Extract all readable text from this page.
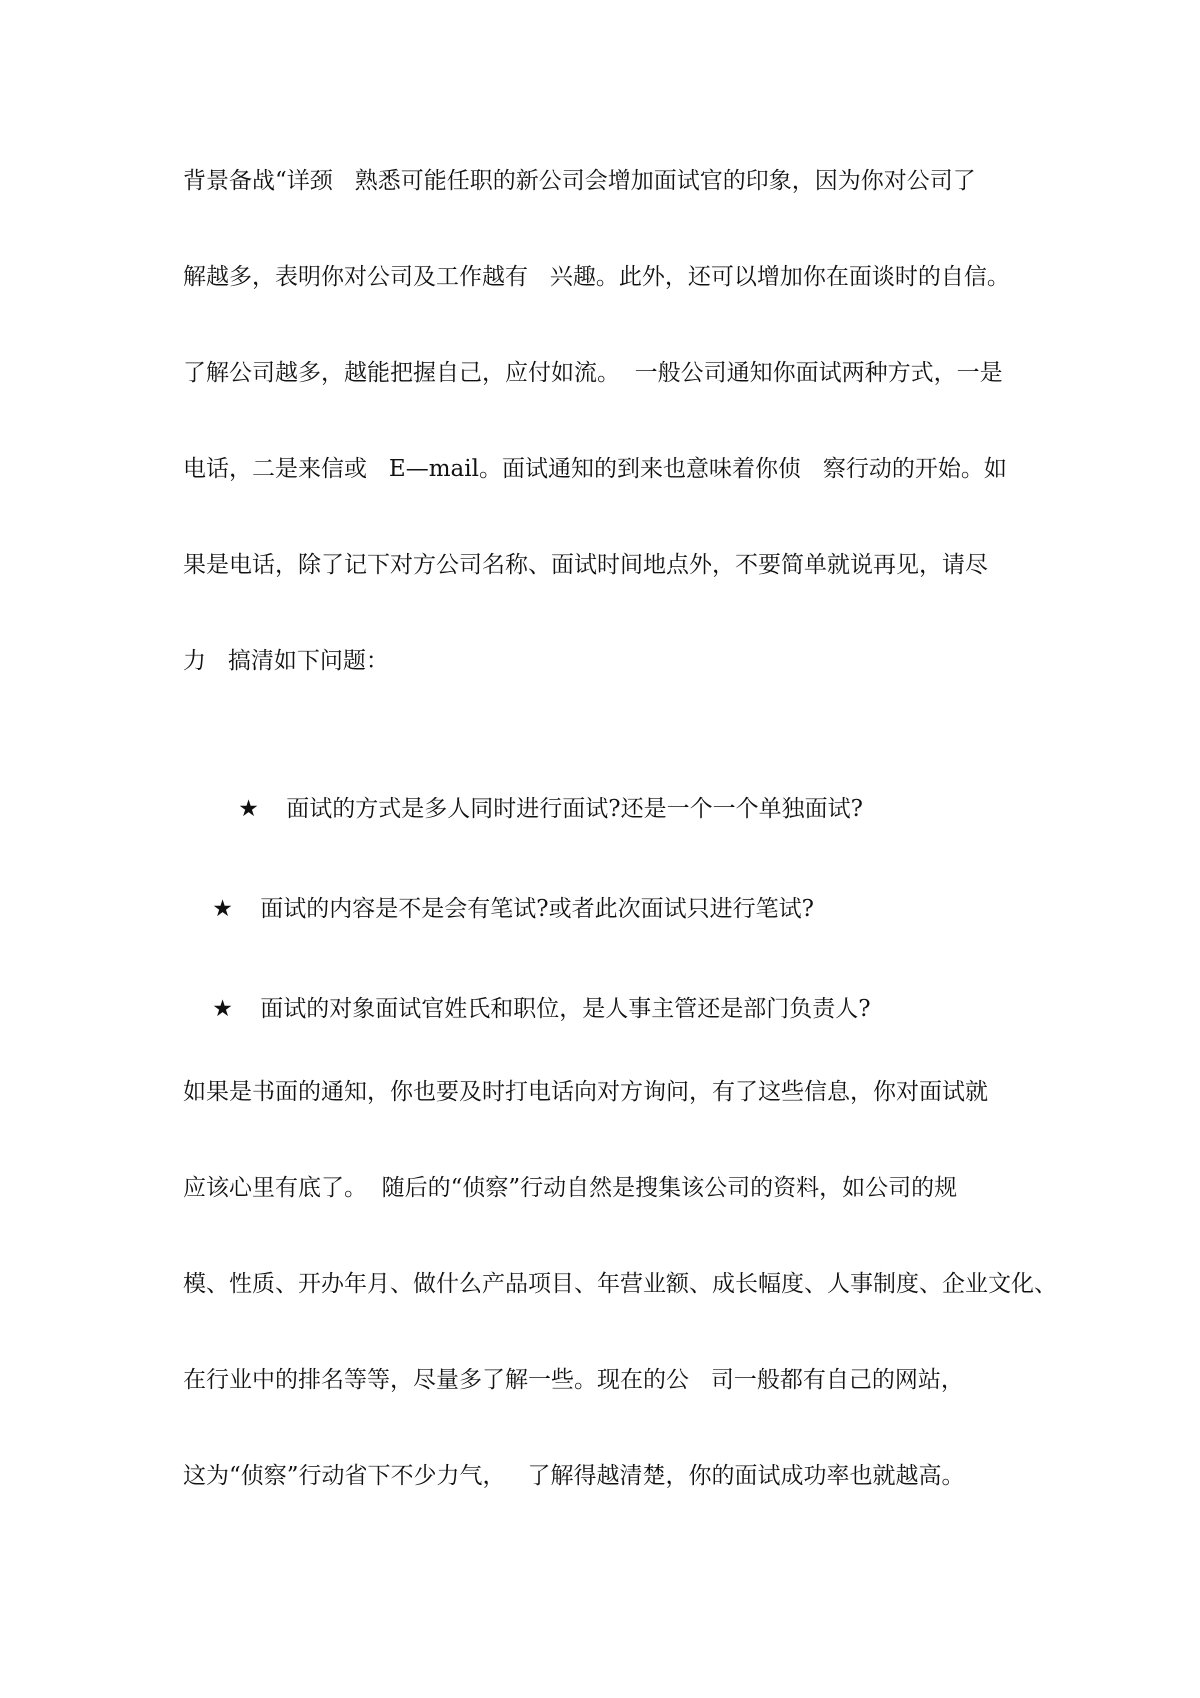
背景备战“详颈   熟悉可能任职的新公司会增加面试官的印象，因为你对公司了

解越多，表明你对公司及工作越有   兴趣。此外，还可以增加你在面谈时的自信。

了解公司越多，越能把握自己，应付如流。  一般公司通知你面试两种方式，一是

电话，二是来信或   E—mail。面试通知的到来也意味着你侦   察行动的开始。如

果是电话，除了记下对方公司名称、面试时间地点外，不要简单就说再见，请尽

力   搞清如下问题：

★ 面试的方式是多人同时进行面试?还是一个一个单独面试?

★ 面试的内容是不是会有笔试?或者此次面试只进行笔试?

★ 面试的对象面试官姓氏和职位，是人事主管还是部门负责人?

如果是书面的通知，你也要及时打电话向对方询问，有了这些信息，你对面试就

应该心里有底了。  随后的“侦察”行动自然是搜集该公司的资料，如公司的规

模、性质、开办年月、做什么产品项目、年营业额、成长幅度、人事制度、企业文化、

在行业中的排名等等，尽量多了解一些。现在的公   司一般都有自己的网站，

这为“侦察”行动省下不少力气，   了解得越清楚，你的面试成功率也就越高。
